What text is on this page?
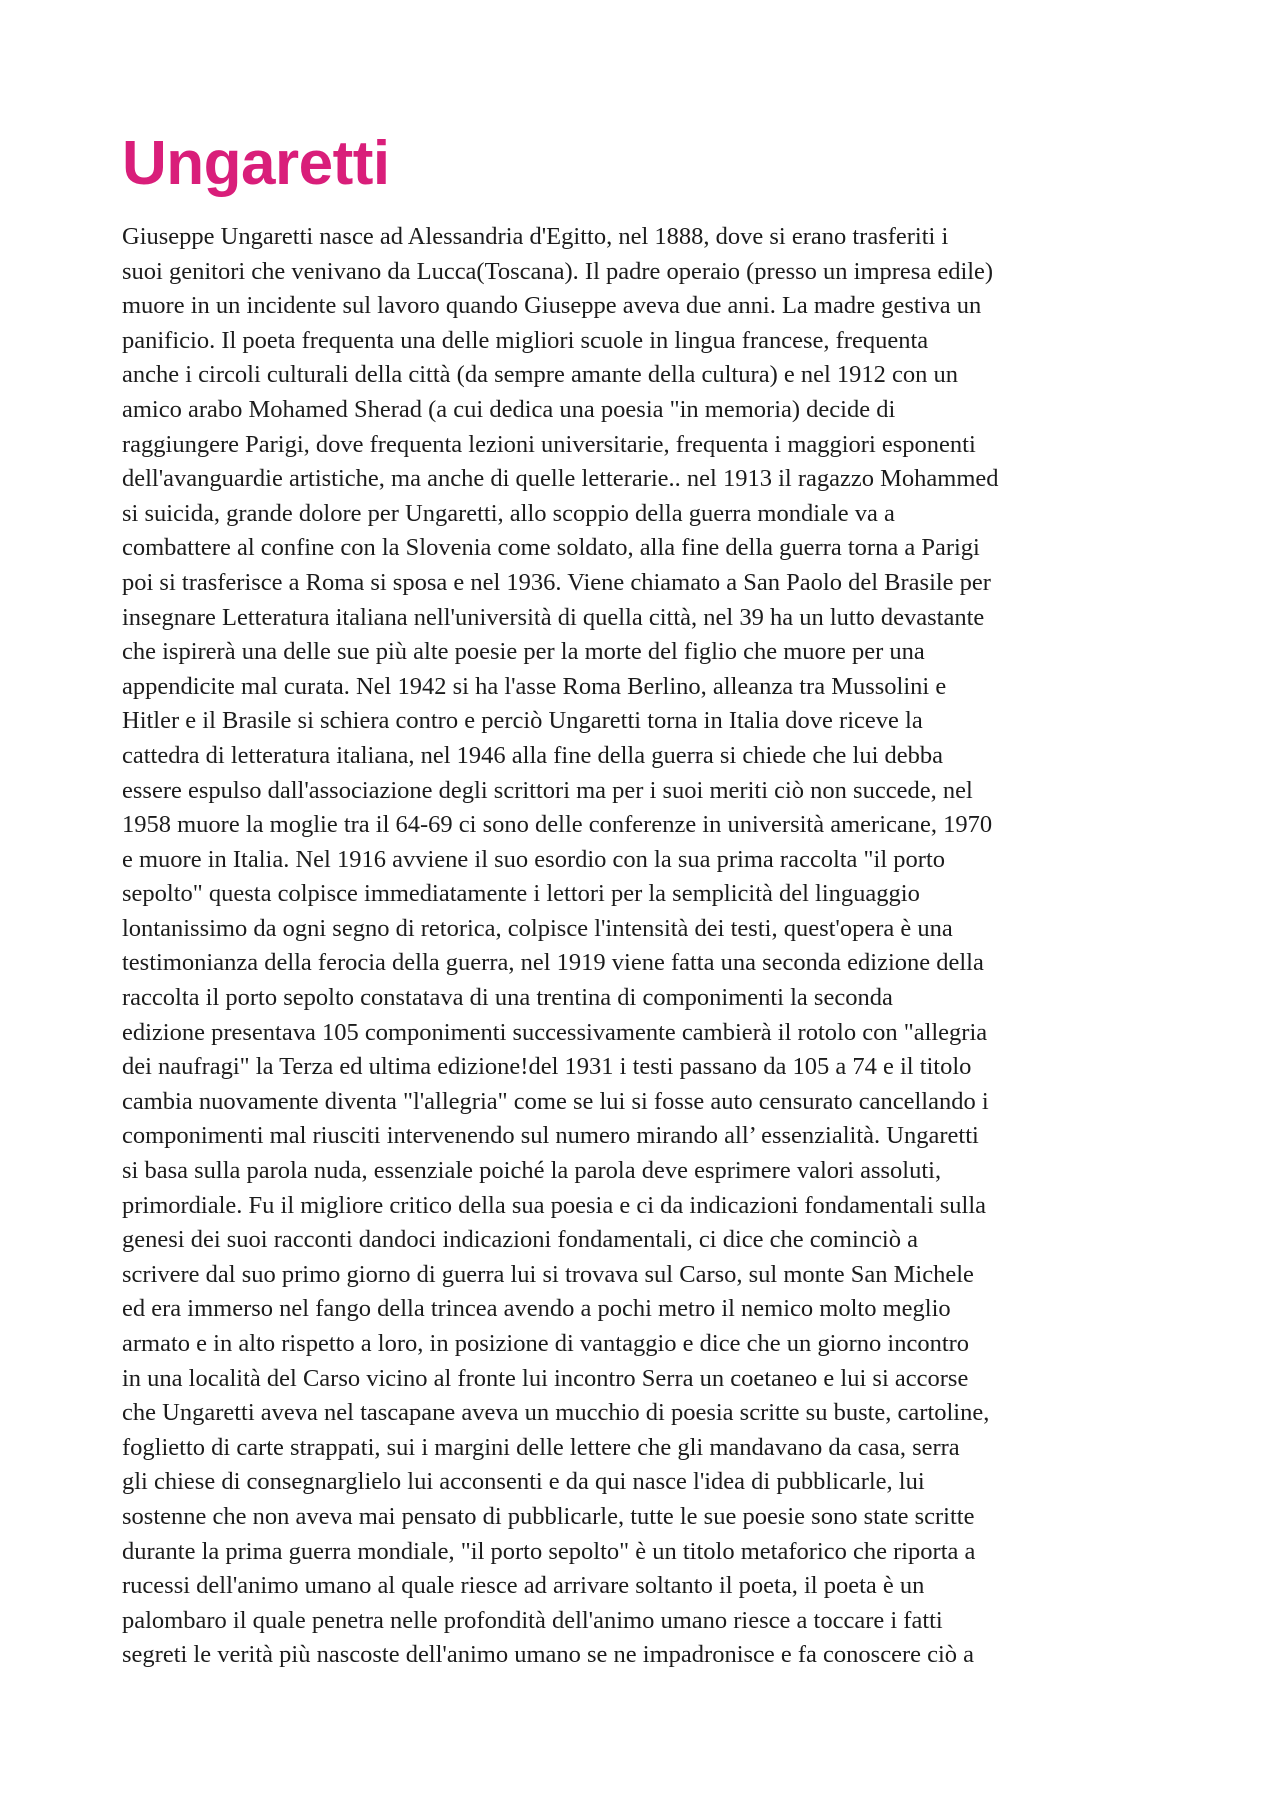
Ungaretti
Giuseppe Ungaretti nasce ad Alessandria d'Egitto, nel 1888, dove si erano trasferiti i
suoi genitori che venivano da Lucca(Toscana). Il padre operaio (presso un impresa edile)
muore in un incidente sul lavoro quando Giuseppe aveva due anni. La madre gestiva un
panificio. Il poeta frequenta una delle migliori scuole in lingua francese, frequenta
anche i circoli culturali della città (da sempre amante della cultura) e nel 1912 con un
amico arabo Mohamed Sherad (a cui dedica una poesia "in memoria) decide di
raggiungere Parigi, dove frequenta lezioni universitarie, frequenta i maggiori esponenti
dell'avanguardie artistiche, ma anche di quelle letterarie.. nel 1913 il ragazzo Mohammed
si suicida, grande dolore per Ungaretti, allo scoppio della guerra mondiale va a
combattere al confine con la Slovenia come soldato, alla fine della guerra torna a Parigi
poi si trasferisce a Roma si sposa e nel 1936. Viene chiamato a San Paolo del Brasile per
insegnare Letteratura italiana nell'università di quella città, nel 39 ha un lutto devastante
che ispirerà una delle sue più alte poesie per la morte del figlio che muore per una
appendicite mal curata. Nel 1942 si ha l'asse Roma Berlino, alleanza tra Mussolini e
Hitler e il Brasile si schiera contro e perciò Ungaretti torna in Italia dove riceve la
cattedra di letteratura italiana, nel 1946 alla fine della guerra si chiede che lui debba
essere espulso dall'associazione degli scrittori ma per i suoi meriti ciò non succede, nel
1958 muore la moglie tra il 64-69 ci sono delle conferenze in università americane, 1970
e muore in Italia. Nel 1916 avviene il suo esordio con la sua prima raccolta "il porto
sepolto" questa colpisce immediatamente i lettori per la semplicità del linguaggio
lontanissimo da ogni segno di retorica, colpisce l'intensità dei testi, quest'opera è una
testimonianza della ferocia della guerra, nel 1919 viene fatta una seconda edizione della
raccolta il porto sepolto constatava di una trentina di componimenti la seconda
edizione presentava 105 componimenti successivamente cambierà il rotolo con "allegria
dei naufragi" la Terza ed ultima edizione!del 1931 i testi passano da 105 a 74 e il titolo
cambia nuovamente diventa "l'allegria" come se lui si fosse auto censurato cancellando i
componimenti mal riusciti intervenendo sul numero mirando all’ essenzialità. Ungaretti
si basa sulla parola nuda, essenziale poiché la parola deve esprimere valori assoluti,
primordiale. Fu il migliore critico della sua poesia e ci da indicazioni fondamentali sulla
genesi dei suoi racconti dandoci indicazioni fondamentali, ci dice che cominciò a
scrivere dal suo primo giorno di guerra lui si trovava sul Carso, sul monte San Michele
ed era immerso nel fango della trincea avendo a pochi metro il nemico molto meglio
armato e in alto rispetto a loro, in posizione di vantaggio e dice che un giorno incontro
in una località del Carso vicino al fronte lui incontro Serra un coetaneo e lui si accorse
che Ungaretti aveva nel tascapane aveva un mucchio di poesia scritte su buste, cartoline,
foglietto di carte strappati, sui i margini delle lettere che gli mandavano da casa, serra
gli chiese di consegnarglielo lui acconsenti e da qui nasce l'idea di pubblicarle, lui
sostenne che non aveva mai pensato di pubblicarle, tutte le sue poesie sono state scritte
durante la prima guerra mondiale, "il porto sepolto" è un titolo metaforico che riporta a
rucessi dell'animo umano al quale riesce ad arrivare soltanto il poeta, il poeta è un
palombaro il quale penetra nelle profondità dell'animo umano riesce a toccare i fatti
segreti le verità più nascoste dell'animo umano se ne impadronisce e fa conoscere ciò a
